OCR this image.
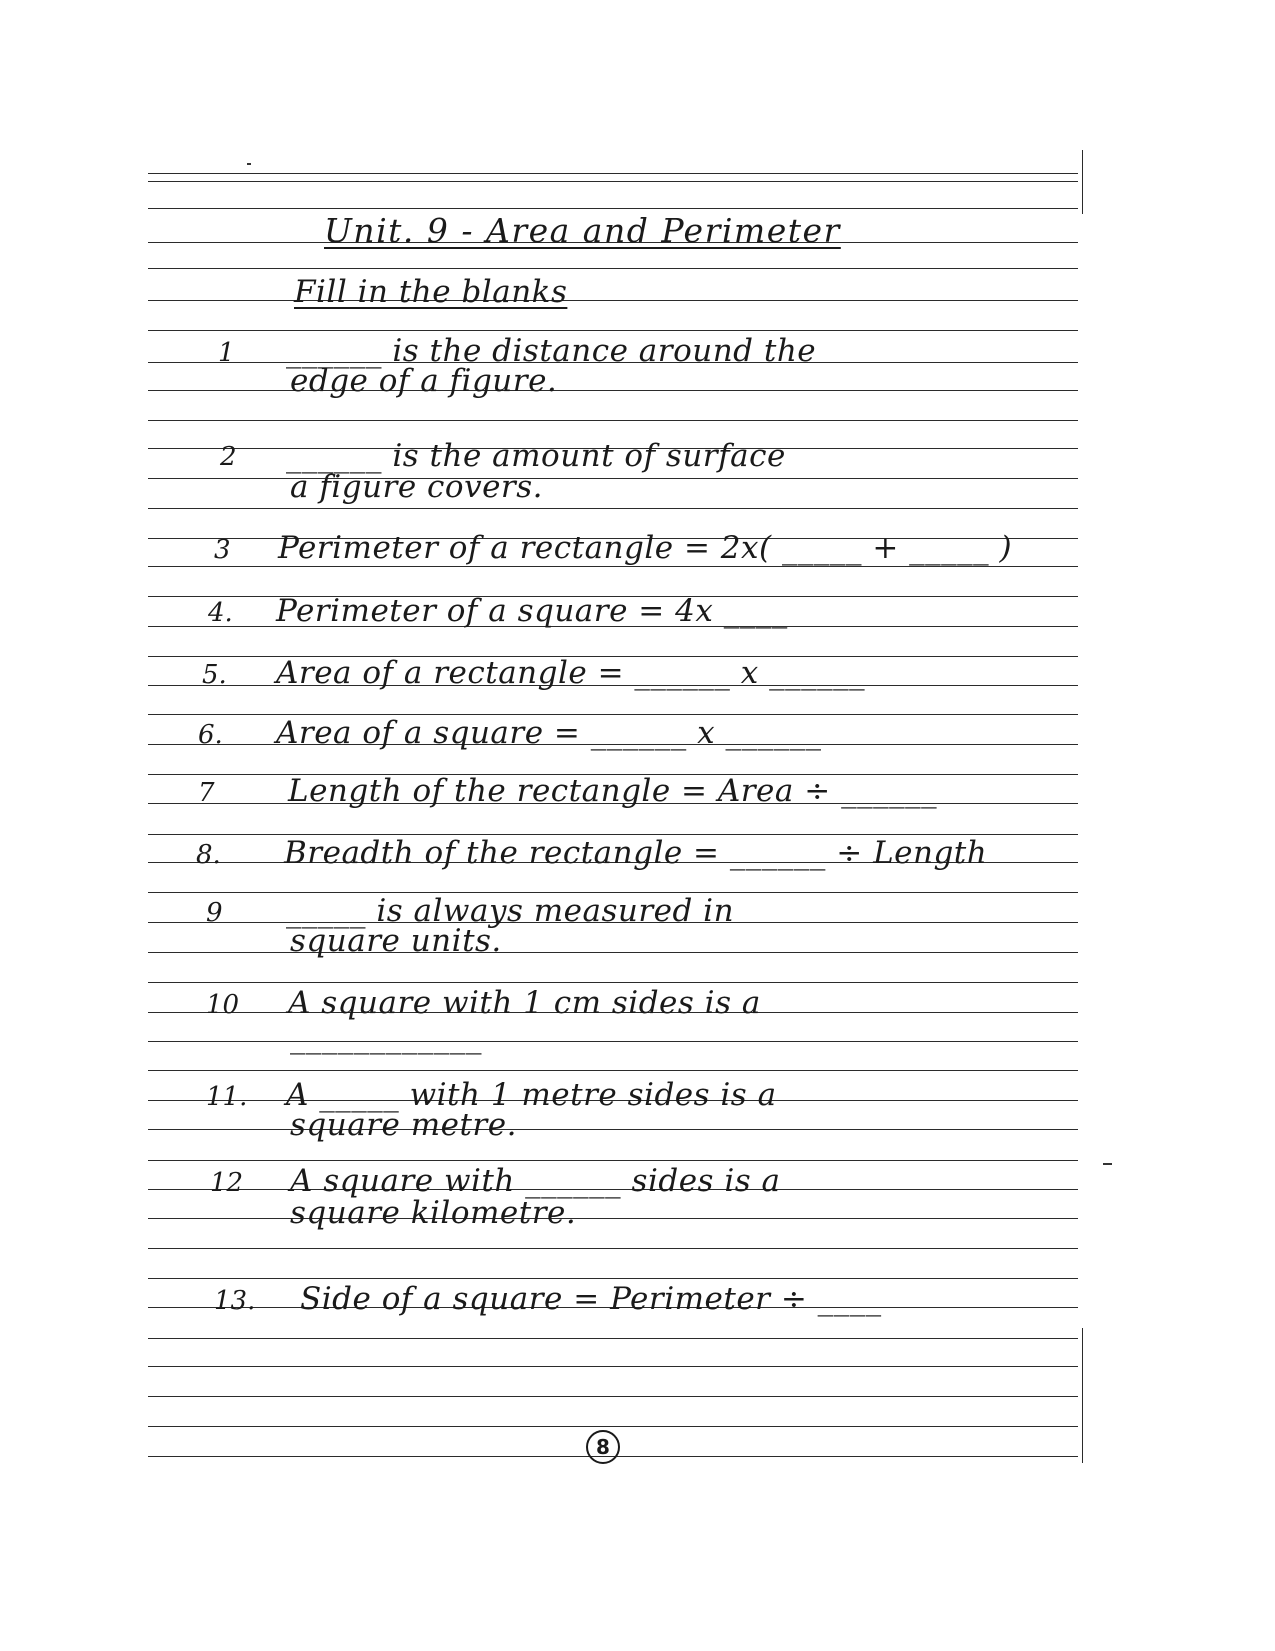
Unit. 9 - Area and Perimeter
Fill in the blanks
1 ______ is the distance around the
edge of a figure.
2 ______ is the amount of surface
a figure covers.
3 Perimeter of a rectangle = 2x( _____ + _____ )
4. Perimeter of a square = 4x ____
5. Area of a rectangle = ______ x ______
6. Area of a square = ______ x ______
7 Length of the rectangle = Area ÷ ______
8. Breadth of the rectangle = ______ ÷ Length
9 _____ is always measured in
square units.
10 A square with 1 cm sides is a
____________
11. A _____ with 1 metre sides is a
square metre.
12 A square with ______ sides is a
square kilometre.
13. Side of a square = Perimeter ÷ ____
8
